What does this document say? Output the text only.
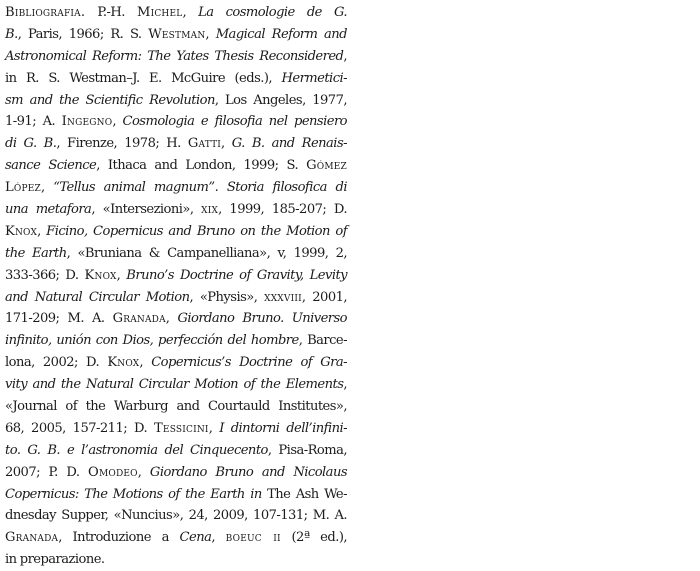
Bibliografia. P.-H. Michel, La cosmologie de G.
B., Paris, 1966; R. S. Westman, Magical Reform and
Astronomical Reform: The Yates Thesis Reconsidered,
in R. S. Westman–J. E. McGuire (eds.), Hermetici-
sm and the Scientific Revolution, Los Angeles, 1977,
1-91; A. Ingegno, Cosmologia e filosofia nel pensiero
di G. B., Firenze, 1978; H. Gatti, G. B. and Renais-
sance Science, Ithaca and London, 1999; S. Gómez
López, “Tellus animal magnum”. Storia filosofica di
una metafora, «Intersezioni», xix, 1999, 185-207; D.
Knox, Ficino, Copernicus and Bruno on the Motion of
the Earth, «Bruniana & Campanelliana», v, 1999, 2,
333-366; D. Knox, Bruno’s Doctrine of Gravity, Levity
and Natural Circular Motion, «Physis», xxxviii, 2001,
171-209; M. A. Granada, Giordano Bruno. Universo
infinito, unión con Dios, perfección del hombre, Barce-
lona, 2002; D. Knox, Copernicus’s Doctrine of Gra-
vity and the Natural Circular Motion of the Elements,
«Journal of the Warburg and Courtauld Institutes»,
68, 2005, 157-211; D. Tessicini, I dintorni dell’infini-
to. G. B. e l’astronomia del Cinquecento, Pisa-Roma,
2007; P. D. Omodeo, Giordano Bruno and Nicolaus
Copernicus: The Motions of the Earth in The Ash We-
dnesday Supper, «Nuncius», 24, 2009, 107-131; M. A.
Granada, Introduzione a Cena, boeuc ii (2ª ed.),
in preparazione.
